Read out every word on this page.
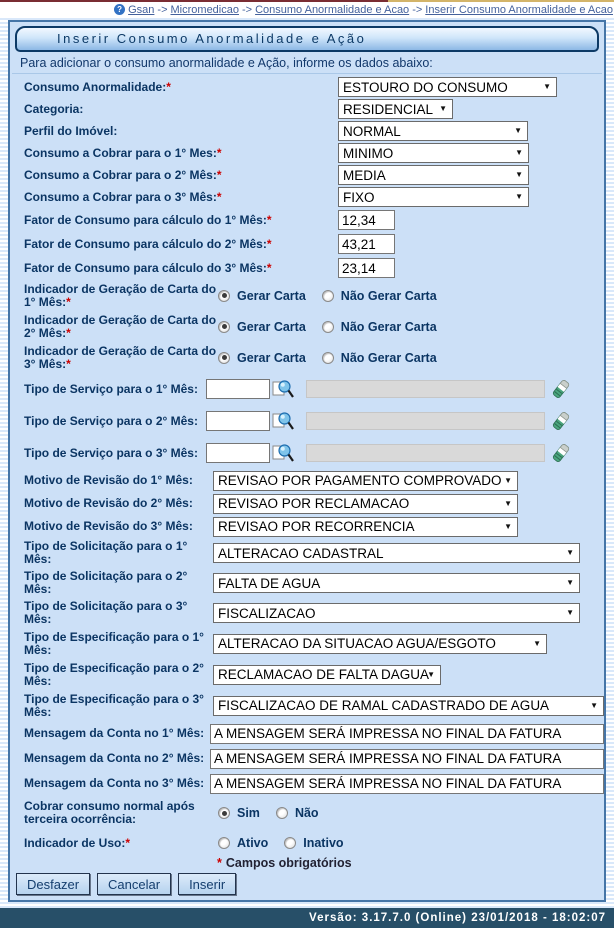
? Gsan -> Micromedicao -> Consumo Anormalidade e Acao -> Inserir Consumo Anormalidade e Acao
Inserir Consumo Anormalidade e Ação
Para adicionar o consumo anormalidade e Ação, informe os dados abaixo:
Consumo Anormalidade:*	ESTOURO DO CONSUMO	▼
Categoria:	RESIDENCIAL ▼
Perfil do Imóvel:	NORMAL	▼
Consumo a Cobrar para o 1° Mes:*	MINIMO	▼
Consumo a Cobrar para o 2° Mês:*	MEDIA	▼
Consumo a Cobrar para o 3° Mês:*	FIXO	▼
Fator de Consumo para cálculo do 1° Mês:*
12,34
Fator de Consumo para cálculo do 2° Mês:*
43,21
Fator de Consumo para cálculo do 3° Mês:*
23,14
Indicador de Geração de Carta do 1° Mês:*	Gerar Carta	Não Gerar Carta
Indicador de Geração de Carta do 2° Mês:*	Gerar Carta	Não Gerar Carta
Indicador de Geração de Carta do 3° Mês:*	Gerar Carta	Não Gerar Carta
Tipo de Serviço para o 1° Mês:
Tipo de Serviço para o 2° Mês:
Tipo de Serviço para o 3° Mês:
Motivo de Revisão do 1° Mês:	REVISAO POR PAGAMENTO COMPROVADO ▼
Motivo de Revisão do 2° Mês:	REVISAO POR RECLAMACAO	▼
Motivo de Revisão do 3° Mês:	REVISAO POR RECORRENCIA	▼
Tipo de Solicitação para o 1° Mês:	ALTERACAO CADASTRAL	▼
Tipo de Solicitação para o 2° Mês:	FALTA DE AGUA	▼
Tipo de Solicitação para o 3° Mês:	FISCALIZACAO	▼
Tipo de Especificação para o 1° Mês:	ALTERACAO DA SITUACAO AGUA/ESGOTO	▼
Tipo de Especificação para o 2° Mês:	RECLAMACAO DE FALTA DAGUA
▼
Tipo de Especificação para o 3° Mês:	FISCALIZACAO DE RAMAL CADASTRADO DE AGUA	▼
Mensagem da Conta no 1° Mês:
A MENSAGEM SERÁ IMPRESSA NO FINAL DA FATURA
Mensagem da Conta no 2° Mês:
A MENSAGEM SERÁ IMPRESSA NO FINAL DA FATURA
Mensagem da Conta no 3° Mês:
A MENSAGEM SERÁ IMPRESSA NO FINAL DA FATURA
Cobrar consumo normal após terceira ocorrência:	Sim	Não
Indicador de Uso:*	Ativo	Inativo
* Campos obrigatórios
Desfazer	Cancelar	Inserir
Versão: 3.17.7.0 (Online) 23/01/2018 - 18:02:07
